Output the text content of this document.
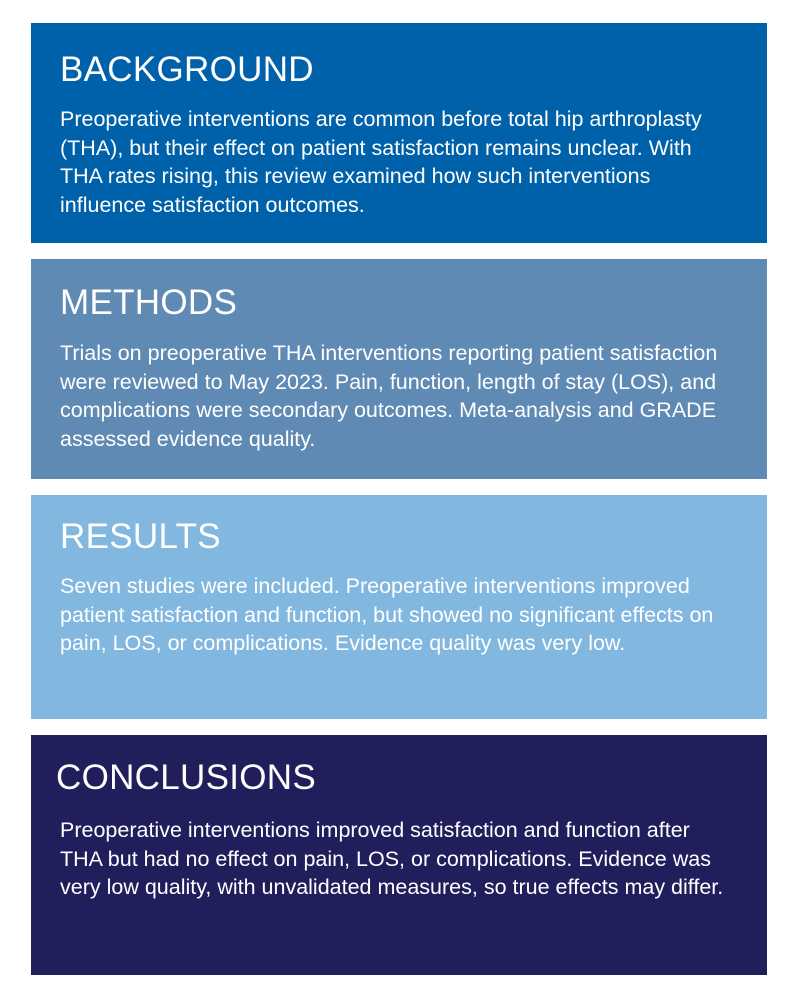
BACKGROUND

Preoperative interventions are common before total hip arthroplasty (THA), but their effect on patient satisfaction remains unclear. With THA rates rising, this review examined how such interventions influence satisfaction outcomes.

METHODS

Trials on preoperative THA interventions reporting patient satisfaction were reviewed to May 2023. Pain, function, length of stay (LOS), and complications were secondary outcomes. Meta-analysis and GRADE assessed evidence quality.

RESULTS

Seven studies were included. Preoperative interventions improved patient satisfaction and function, but showed no significant effects on pain, LOS, or complications. Evidence quality was very low.

CONCLUSIONS

Preoperative interventions improved satisfaction and function after THA but had no effect on pain, LOS, or complications. Evidence was very low quality, with unvalidated measures, so true effects may differ.
